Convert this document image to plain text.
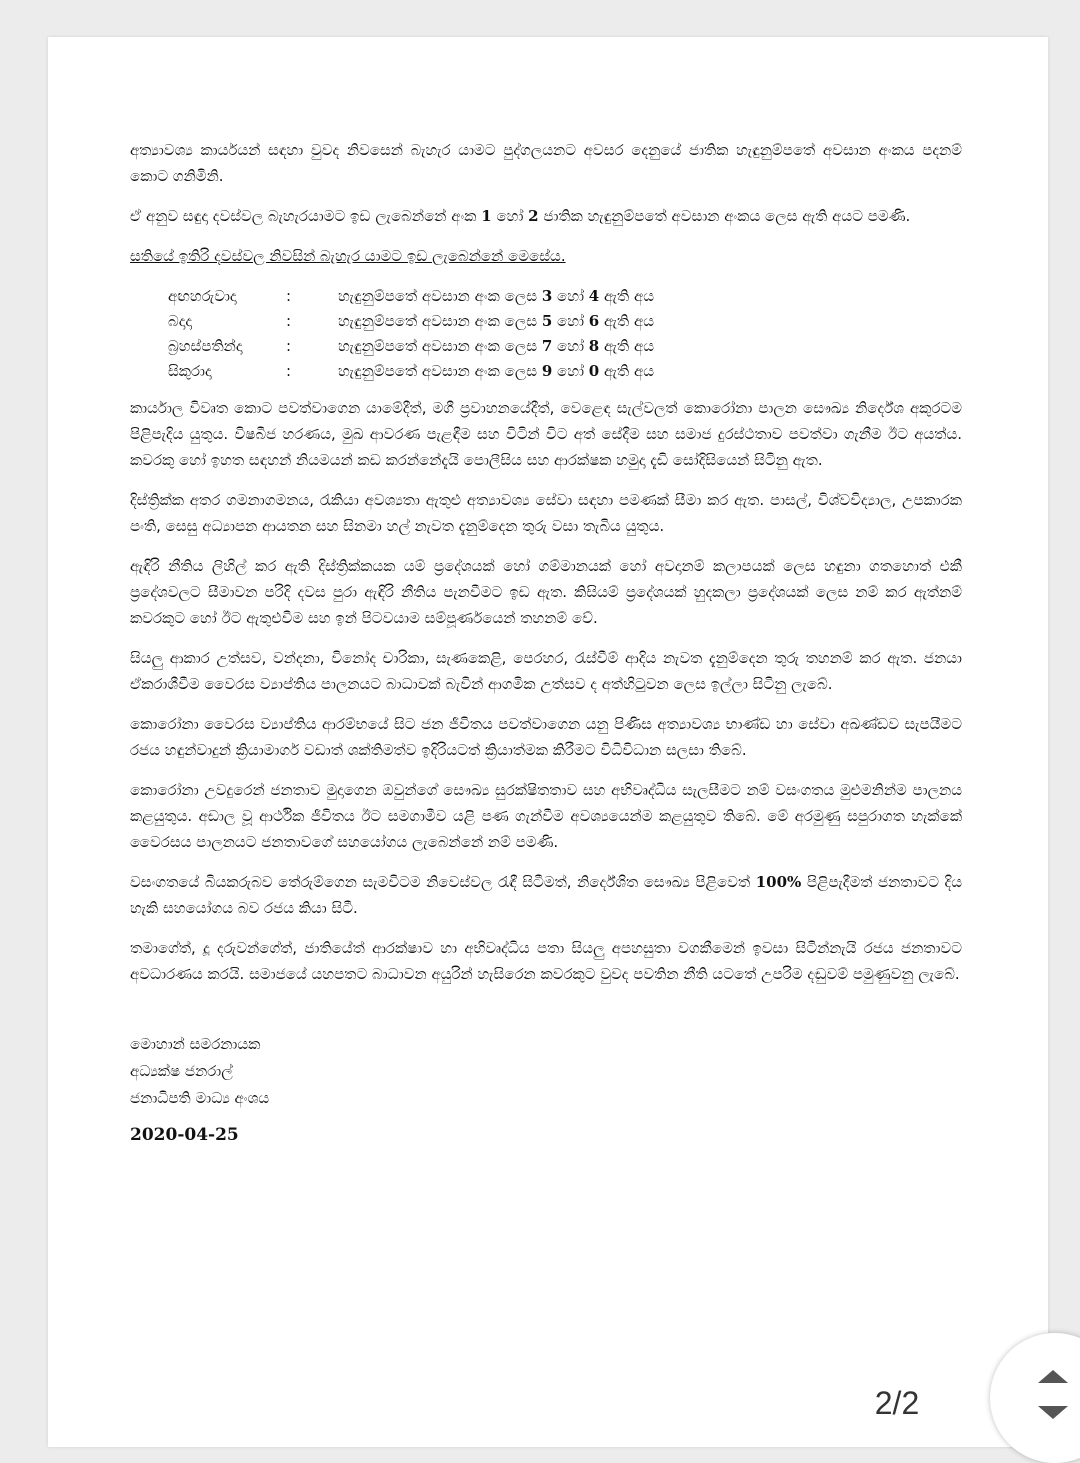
අත්‍යාවශ්‍ය කාර්යයන් සඳහා වුවද නිවසෙන් බැහැර යාමට පුද්ගලයනට අවසර දෙනුයේ ජාතික හැඳුනුම්පතේ අවසාන අංකය පදනම් කොට ගනිමිනි.

ඒ අනුව සඳුදා දවස්වල බැහැරයාමට ඉඩ ලැබෙන්නේ අංක 1 හෝ 2 ජාතික හැඳුනුම්පතේ අවසාන අංකය ලෙස ඇති අයට පමණි.

සතියේ ඉතිරි දවස්වල නිවසින් බැහැර යාමට ඉඩ ලැබෙන්නේ මෙසේය.

අඟහරුවාදා	:	හැඳුනුම්පතේ අවසාන අංක ලෙස 3 හෝ 4 ඇති අය
බදාදා	:	හැඳුනුම්පතේ අවසාන අංක ලෙස 5 හෝ 6 ඇති අය
බ්‍රහස්පතින්දා	:	හැඳුනුම්පතේ අවසාන අංක ලෙස 7 හෝ 8 ඇති අය
සිකුරාදා	:	හැඳුනුම්පතේ අවසාන අංක ලෙස 9 හෝ 0 ඇති අය

කාර්යාල විවෘත කොට පවත්වාගෙන යාමේදීත්, මගී ප්‍රවාහනයේදීත්, වෙළෙඳ සැල්වලත් කොරෝනා පාලන සෞඛ්‍ය නිර්දේශ අකුරටම පිළිපැදිය යුතුය. විෂබීජ හරණය, මුඛ ආවරණ පැළඳීම සහ විටින් විට අත් සේදීම සහ සමාජ දුරස්ථතාව පවත්වා ගැනීම ඊට අයත්ය. කවරකු හෝ ඉහත සඳහන් නියමයන් කඩ කරන්නේදැයි පොලීසිය සහ ආරක්ෂක හමුදා දැඩි සෝදිසියෙන් සිටිනු ඇත.

දිස්ත්‍රික්ක අතර ගමනාගමනය, රැකියා අවශ්‍යතා ඇතුළු අත්‍යාවශ්‍ය සේවා සඳහා පමණක් සීමා කර ඇත. පාසල්, විශ්වවිද්‍යාල, උපකාරක පංති, සෙසු අධ්‍යාපන ආයතන සහ සිනමා හල් නැවත දැනුම්දෙන තුරු වසා තැබිය යුතුය.

ඇඳිරි නීතිය ලිහිල් කර ඇති දිස්ත්‍රික්කයක යම් ප්‍රදේශයක් හෝ ගම්මානයක් හෝ අවදානම් කලාපයක් ලෙස හඳුනා ගතහොත් එකී ප්‍රදේශවලට සීමාවන පරිදි දවස පුරා ඇඳිරි නීතිය පැනවීමට ඉඩ ඇත. කිසියම් ප්‍රදේශයක් හුදකලා ප්‍රදේශයක් ලෙස නම් කර ඇත්නම් කවරකුට හෝ ඊට ඇතුළුවීම සහ ඉන් පිටවයාම සම්පූර්ණයෙන් තහනම් වේ.

සියලු ආකාර උත්සව, වන්දනා, විනෝද චාරිකා, සැණකෙළි, පෙරහර, රැස්වීම් ආදිය නැවත දැනුම්දෙන තුරු තහනම් කර ඇත. ජනයා ඒකරාශීවීම වෛරස ව්‍යාප්තිය පාලනයට බාධාවක් බැවින් ආගමික උත්සව ද අත්හිටුවන ලෙස ඉල්ලා සිටිනු ලැබේ.

කොරෝනා වෛරස ව්‍යාප්තිය ආරම්භයේ සිට ජන ජීවිතය පවත්වාගෙන යනු පිණිස අත්‍යාවශ්‍ය භාණ්ඩ හා සේවා අඛණ්ඩව සැපයීමට රජය හඳුන්වාදුන් ක්‍රියාමාර්ග වඩාත් ශක්තිමත්ව ඉදිරියටත් ක්‍රියාත්මක කිරීමට විධිවිධාන සලසා තිබේ.

කොරෝනා උවදුරෙන් ජනතාව මුදාගෙන ඔවුන්ගේ සෞඛ්‍ය සුරක්ෂිතතාව සහ අභිවෘද්ධිය සැලසීමට නම් වසංගතය මුළුමනින්ම පාලනය කළයුතුය. අඩාල වූ ආර්ථික ජීවිතය ඊට සමගාමීව යළි පණ ගැන්වීම අවශ්‍යයෙන්ම කළයුතුව තිබේ. මේ අරමුණු සපුරාගත හැක්කේ වෛරසය පාලනයට ජනතාවගේ සහයෝගය ලැබෙන්නේ නම් පමණි.

වසංගතයේ බියකරුබව තේරුම්ගෙන සැමවිටම නිවෙස්වල රැඳී සිටීමත්, නිර්දේශිත සෞඛ්‍ය පිළිවෙත් 100% පිළිපැදීමත් ජනතාවට දිය හැකි සහයෝගය බව රජය කියා සිටී.

තමාගේත්, දූ දරුවන්ගේත්, ජාතියේත් ආරක්ෂාව හා අභිවෘද්ධිය පතා සියලු අපහසුතා වගකීමෙන් ඉවසා සිටින්නැයි රජය ජනතාවට අවධාරණය කරයි. සමාජයේ යහපතට බාධාවන අයුරින් හැසිරෙන කවරකුට වුවද පවතින නීති යටතේ උපරිම දඬුවම් පමුණුවනු ලැබේ.

මොහාන් සමරනායක
අධ්‍යක්ෂ ජනරාල්
ජනාධිපති මාධ්‍ය අංශය
2020-04-25
2/2
